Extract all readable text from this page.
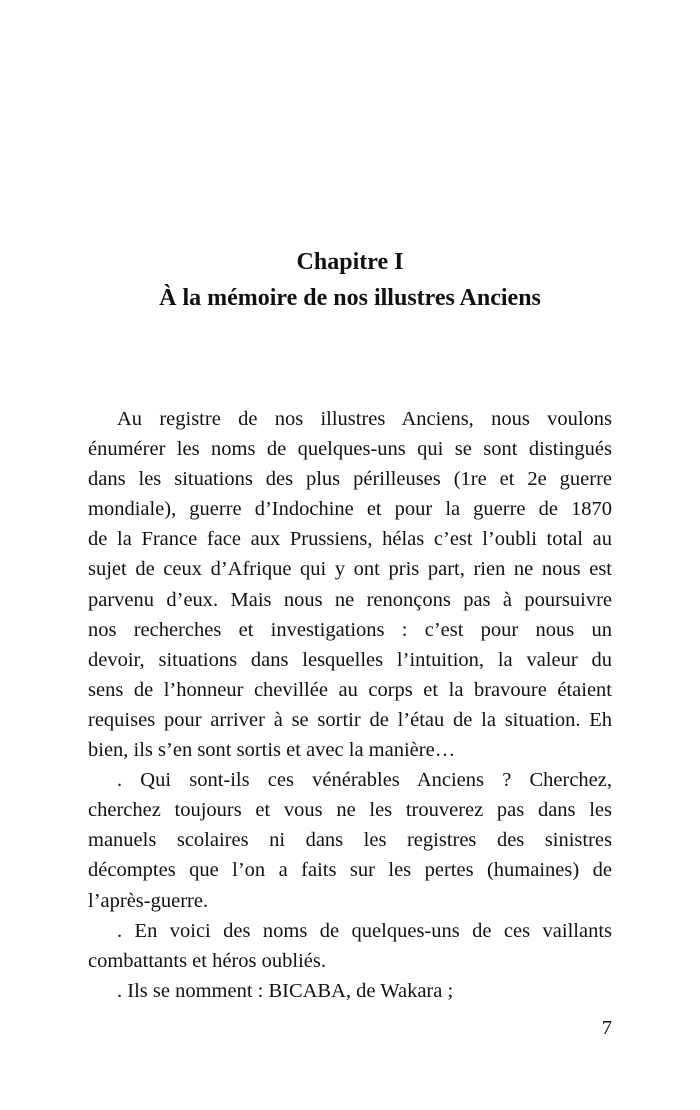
Chapitre I
À la mémoire de nos illustres Anciens
Au registre de nos illustres Anciens, nous voulons
énumérer les noms de quelques-uns qui se sont distingués
dans les situations des plus périlleuses (1re et 2e guerre
mondiale), guerre d’Indochine et pour la guerre de 1870
de la France face aux Prussiens, hélas c’est l’oubli total au
sujet de ceux d’Afrique qui y ont pris part, rien ne nous est
parvenu d’eux. Mais nous ne renonçons pas à poursuivre
nos recherches et investigations : c’est pour nous un
devoir, situations dans lesquelles l’intuition, la valeur du
sens de l’honneur chevillée au corps et la bravoure étaient
requises pour arriver à se sortir de l’étau de la situation. Eh
bien, ils s’en sont sortis et avec la manière…
. Qui sont-ils ces vénérables Anciens ? Cherchez,
cherchez toujours et vous ne les trouverez pas dans les
manuels scolaires ni dans les registres des sinistres
décomptes que l’on a faits sur les pertes (humaines) de
l’après-guerre.
. En voici des noms de quelques-uns de ces vaillants
combattants et héros oubliés.
. Ils se nomment : BICABA, de Wakara ;
7
